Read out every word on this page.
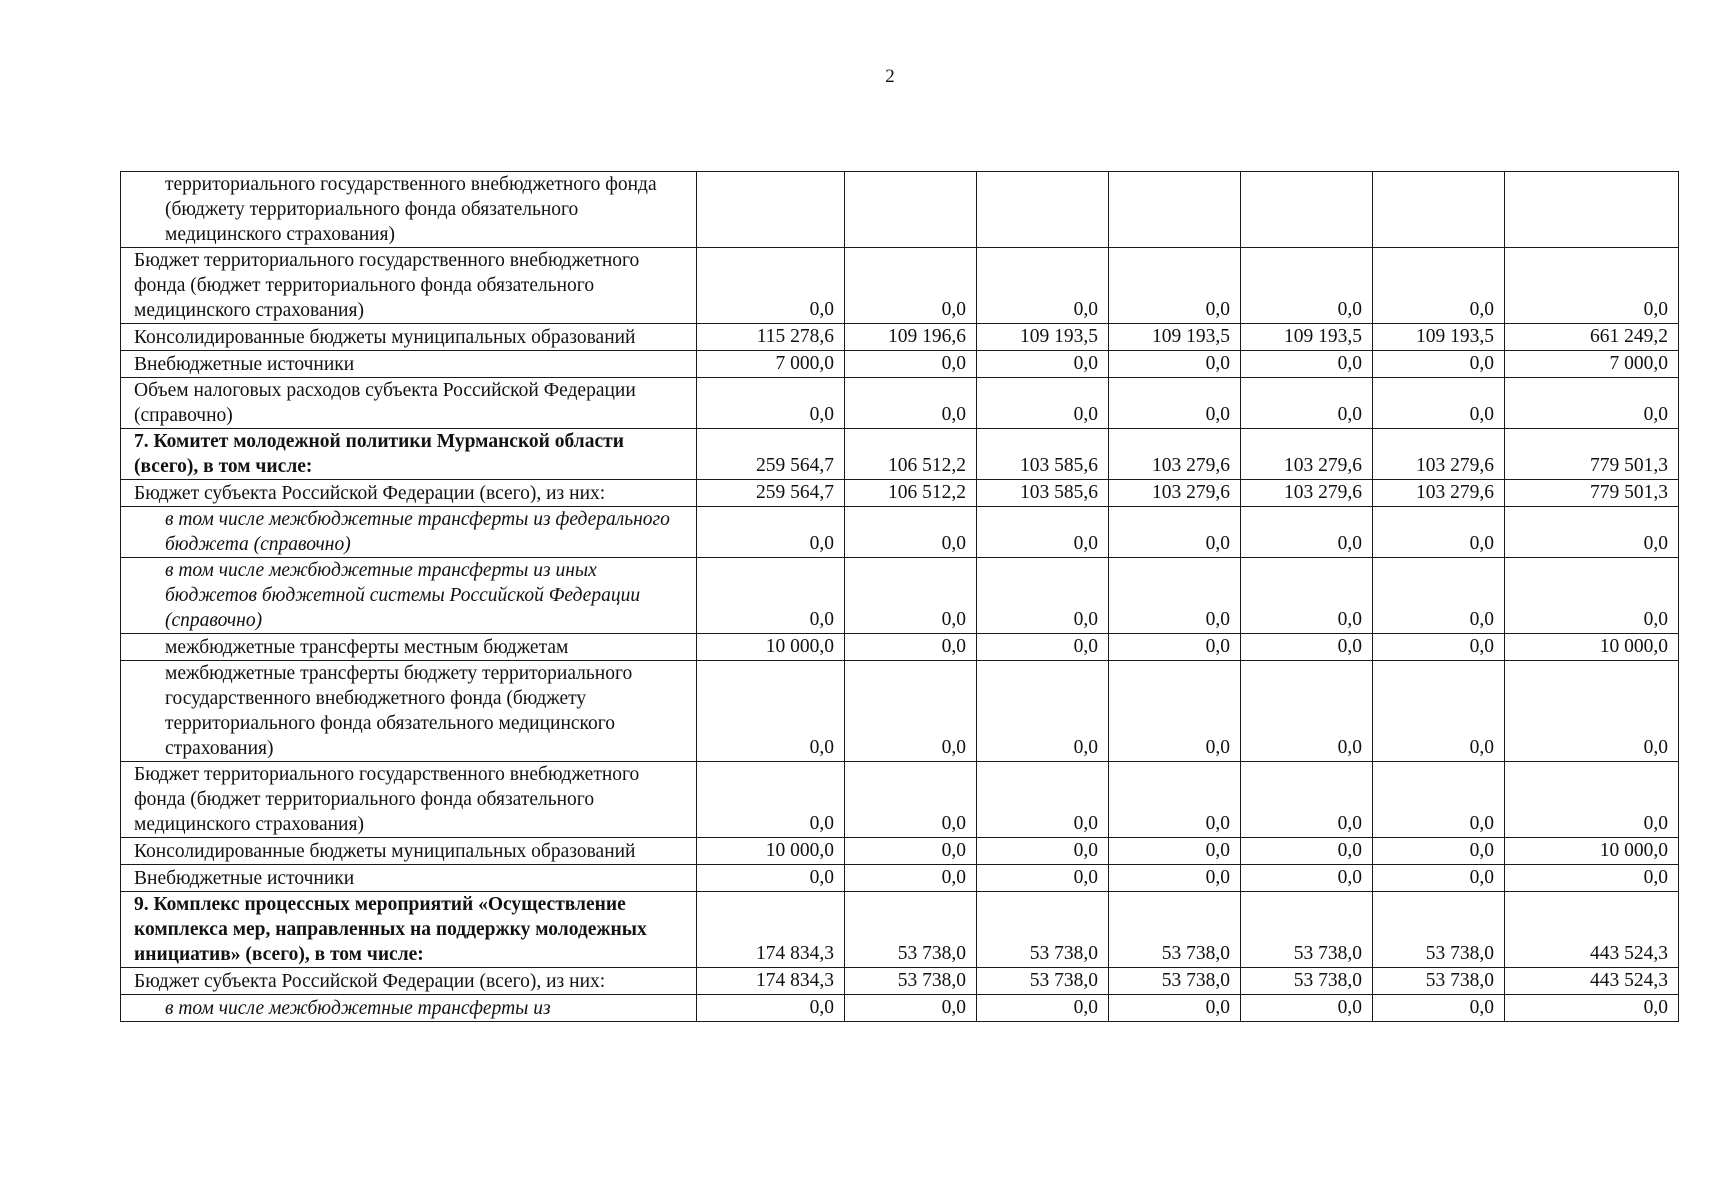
2
территориального государственного внебюджетного фонда (бюджету территориального фонда обязательного медицинского страхования)							
Бюджет территориального государственного внебюджетного фонда (бюджет территориального фонда обязательного медицинского страхования)	0,0	0,0	0,0	0,0	0,0	0,0	0,0
Консолидированные бюджеты муниципальных образований	115 278,6	109 196,6	109 193,5	109 193,5	109 193,5	109 193,5	661 249,2
Внебюджетные источники	7 000,0	0,0	0,0	0,0	0,0	0,0	7 000,0
Объем налоговых расходов субъекта Российской Федерации (справочно)	0,0	0,0	0,0	0,0	0,0	0,0	0,0
7. Комитет молодежной политики Мурманской области (всего), в том числе:	259 564,7	106 512,2	103 585,6	103 279,6	103 279,6	103 279,6	779 501,3
Бюджет субъекта Российской Федерации (всего), из них:	259 564,7	106 512,2	103 585,6	103 279,6	103 279,6	103 279,6	779 501,3
в том числе межбюджетные трансферты из федерального бюджета (справочно)	0,0	0,0	0,0	0,0	0,0	0,0	0,0
в том числе межбюджетные трансферты из иных бюджетов бюджетной системы Российской Федерации (справочно)	0,0	0,0	0,0	0,0	0,0	0,0	0,0
межбюджетные трансферты местным бюджетам	10 000,0	0,0	0,0	0,0	0,0	0,0	10 000,0
межбюджетные трансферты бюджету территориального государственного внебюджетного фонда (бюджету территориального фонда обязательного медицинского страхования)	0,0	0,0	0,0	0,0	0,0	0,0	0,0
Бюджет территориального государственного внебюджетного фонда (бюджет территориального фонда обязательного медицинского страхования)	0,0	0,0	0,0	0,0	0,0	0,0	0,0
Консолидированные бюджеты муниципальных образований	10 000,0	0,0	0,0	0,0	0,0	0,0	10 000,0
Внебюджетные источники	0,0	0,0	0,0	0,0	0,0	0,0	0,0
9. Комплекс процессных мероприятий «Осуществление комплекса мер, направленных на поддержку молодежных инициатив» (всего), в том числе:	174 834,3	53 738,0	53 738,0	53 738,0	53 738,0	53 738,0	443 524,3
Бюджет субъекта Российской Федерации (всего), из них:	174 834,3	53 738,0	53 738,0	53 738,0	53 738,0	53 738,0	443 524,3
в том числе межбюджетные трансферты из	0,0	0,0	0,0	0,0	0,0	0,0	0,0
